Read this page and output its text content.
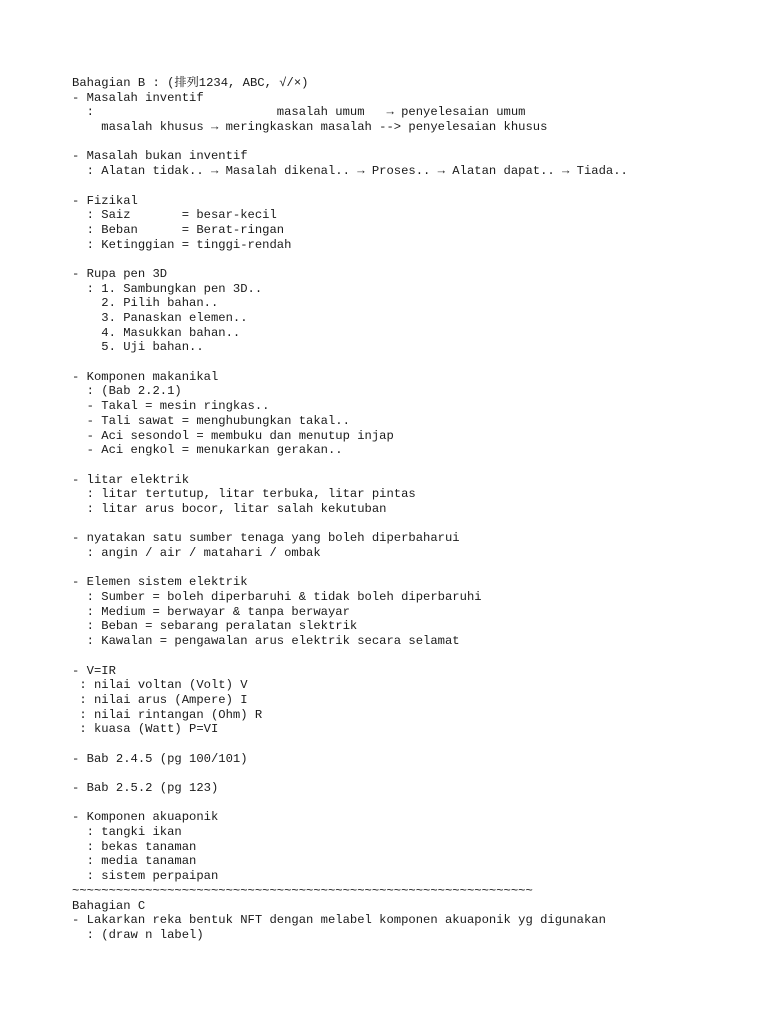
Bahagian B : (排列1234, ABC, √/×)
- Masalah inventif
:                         masalah umum   → penyelesaian umum
masalah khusus → meringkaskan masalah --> penyelesaian khusus
- Masalah bukan inventif
: Alatan tidak.. → Masalah dikenal.. → Proses.. → Alatan dapat.. → Tiada..
- Fizikal
: Saiz       = besar-kecil
: Beban      = Berat-ringan
: Ketinggian = tinggi-rendah
- Rupa pen 3D
: 1. Sambungkan pen 3D..
2. Pilih bahan..
3. Panaskan elemen..
4. Masukkan bahan..
5. Uji bahan..
- Komponen makanikal
: (Bab 2.2.1)
- Takal = mesin ringkas..
- Tali sawat = menghubungkan takal..
- Aci sesondol = membuku dan menutup injap
- Aci engkol = menukarkan gerakan..
- litar elektrik
: litar tertutup, litar terbuka, litar pintas
: litar arus bocor, litar salah kekutuban
- nyatakan satu sumber tenaga yang boleh diperbaharui
: angin / air / matahari / ombak
- Elemen sistem elektrik
: Sumber = boleh diperbaruhi & tidak boleh diperbaruhi
: Medium = berwayar & tanpa berwayar
: Beban = sebarang peralatan slektrik
: Kawalan = pengawalan arus elektrik secara selamat
- V=IR
: nilai voltan (Volt) V
: nilai arus (Ampere) I
: nilai rintangan (Ohm) R
: kuasa (Watt) P=VI
- Bab 2.4.5 (pg 100/101)
- Bab 2.5.2 (pg 123)
- Komponen akuaponik
: tangki ikan
: bekas tanaman
: media tanaman
: sistem perpaipan
~~~~~~~~~~~~~~~~~~~~~~~~~~~~~~~~~~~~~~~~~~~~~~~~~~~~~~~~~~~~~~~
Bahagian C
- Lakarkan reka bentuk NFT dengan melabel komponen akuaponik yg digunakan
: (draw n label)
